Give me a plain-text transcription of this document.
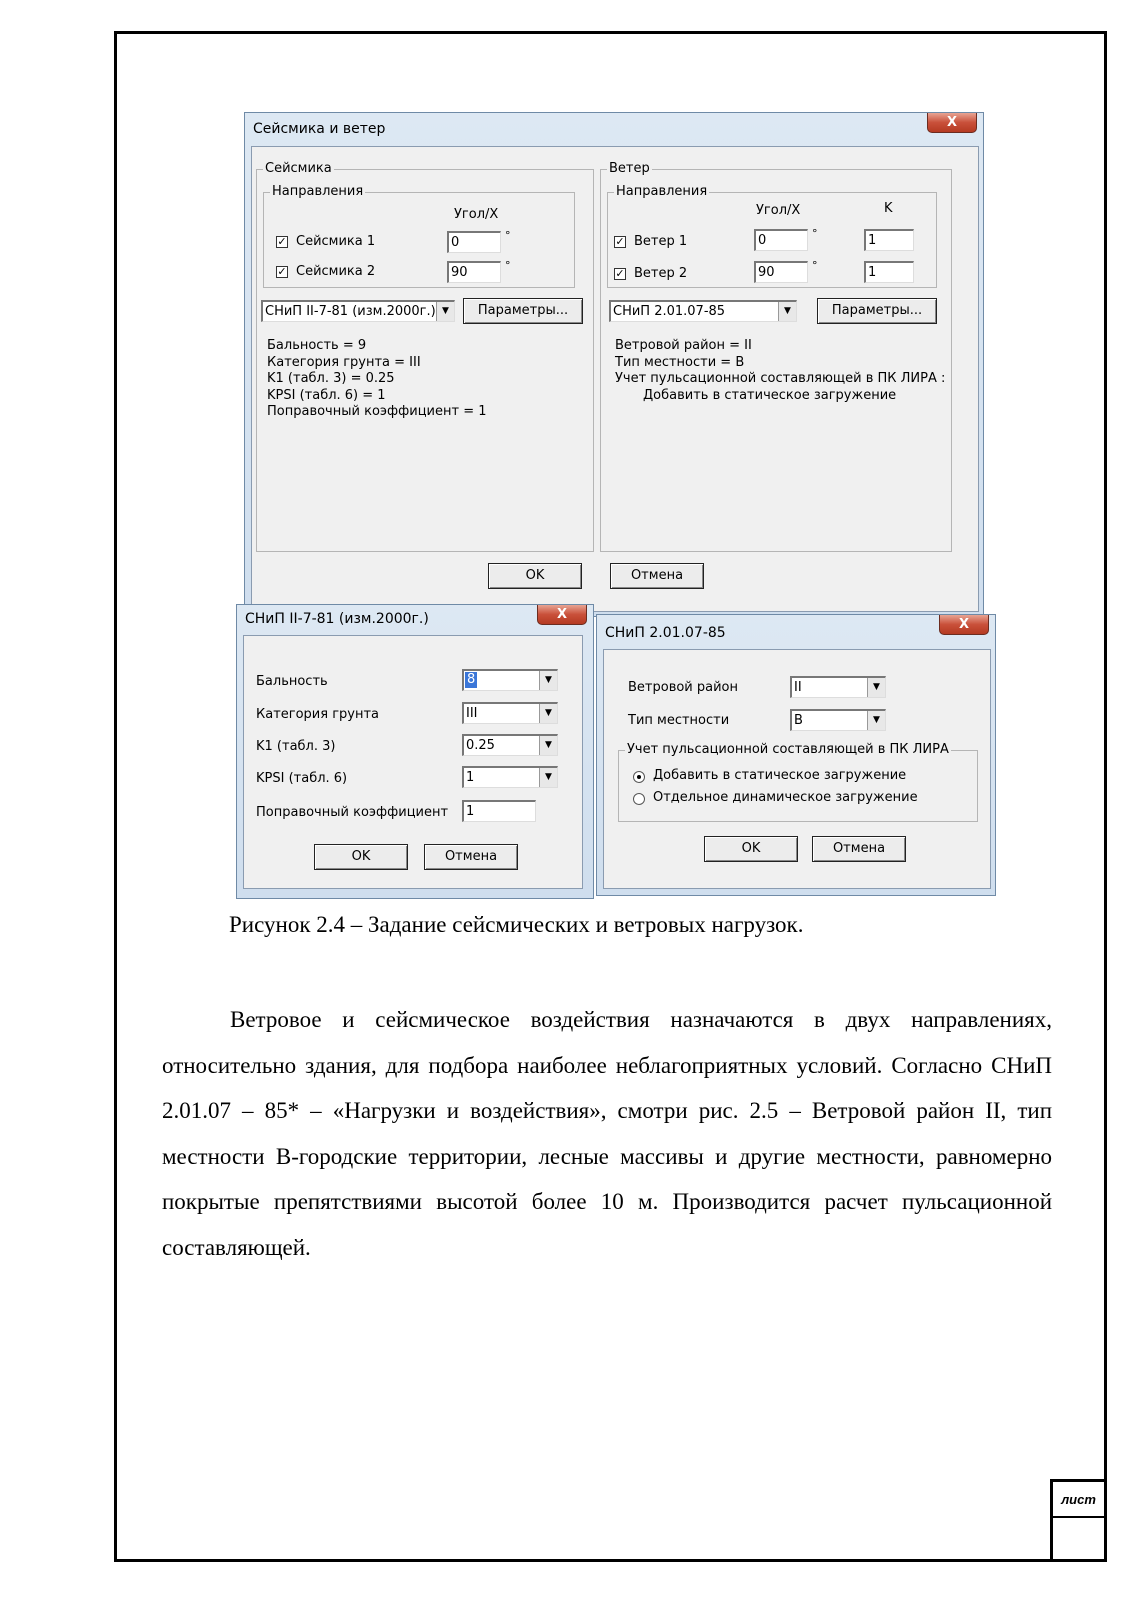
лист
Сейсмика и ветер	X
Сейсмика
Направления
Угол/X
✓ Сейсмика 1	0	°
✓ Сейсмика 2	90	°
СНиП II-7-81 (изм.2000г.) ▼	Параметры...
Бальность = 9
Категория грунта = III
K1 (табл. 3) = 0.25
KPSI (табл. 6) = 1
Поправочный коэффициент = 1
Ветер
Направления
Угол/X	K
✓ Ветер 1	0	°	1
✓ Ветер 2	90	°	1
СНиП 2.01.07-85	▼	Параметры...
Ветровой район = II
Тип местности = B
Учет пульсационной составляющей в ПК ЛИРА :
Добавить в статическое загружение
OK	Отмена
СНиП II-7-81 (изм.2000г.)	X
Бальность	8	▼
Категория грунта	III	▼
K1 (табл. 3)	0.25	▼
KPSI (табл. 6)	1	▼
Поправочный коэффициент	1
OK	Отмена
СНиП 2.01.07-85
X
Ветровой район	II	▼
Тип местности	B	▼
Учет пульсационной составляющей в ПК ЛИРА
Добавить в статическое загружение
Отдельное динамическое загружение
OK	Отмена
Рисунок 2.4 – Задание сейсмических и ветровых нагрузок.
Ветровое и сейсмическое воздействия назначаются в двух направлениях, относительно здания, для подбора наиболее неблагоприятных условий. Согласно СНиП 2.01.07 – 85* – «Нагрузки и воздействия», смотри рис. 2.5 – Ветровой район II, тип местности B-городские территории, лесные массивы и другие местности, равномерно покрытые препятствиями высотой более 10 м. Производится расчет пульсационной составляющей.
